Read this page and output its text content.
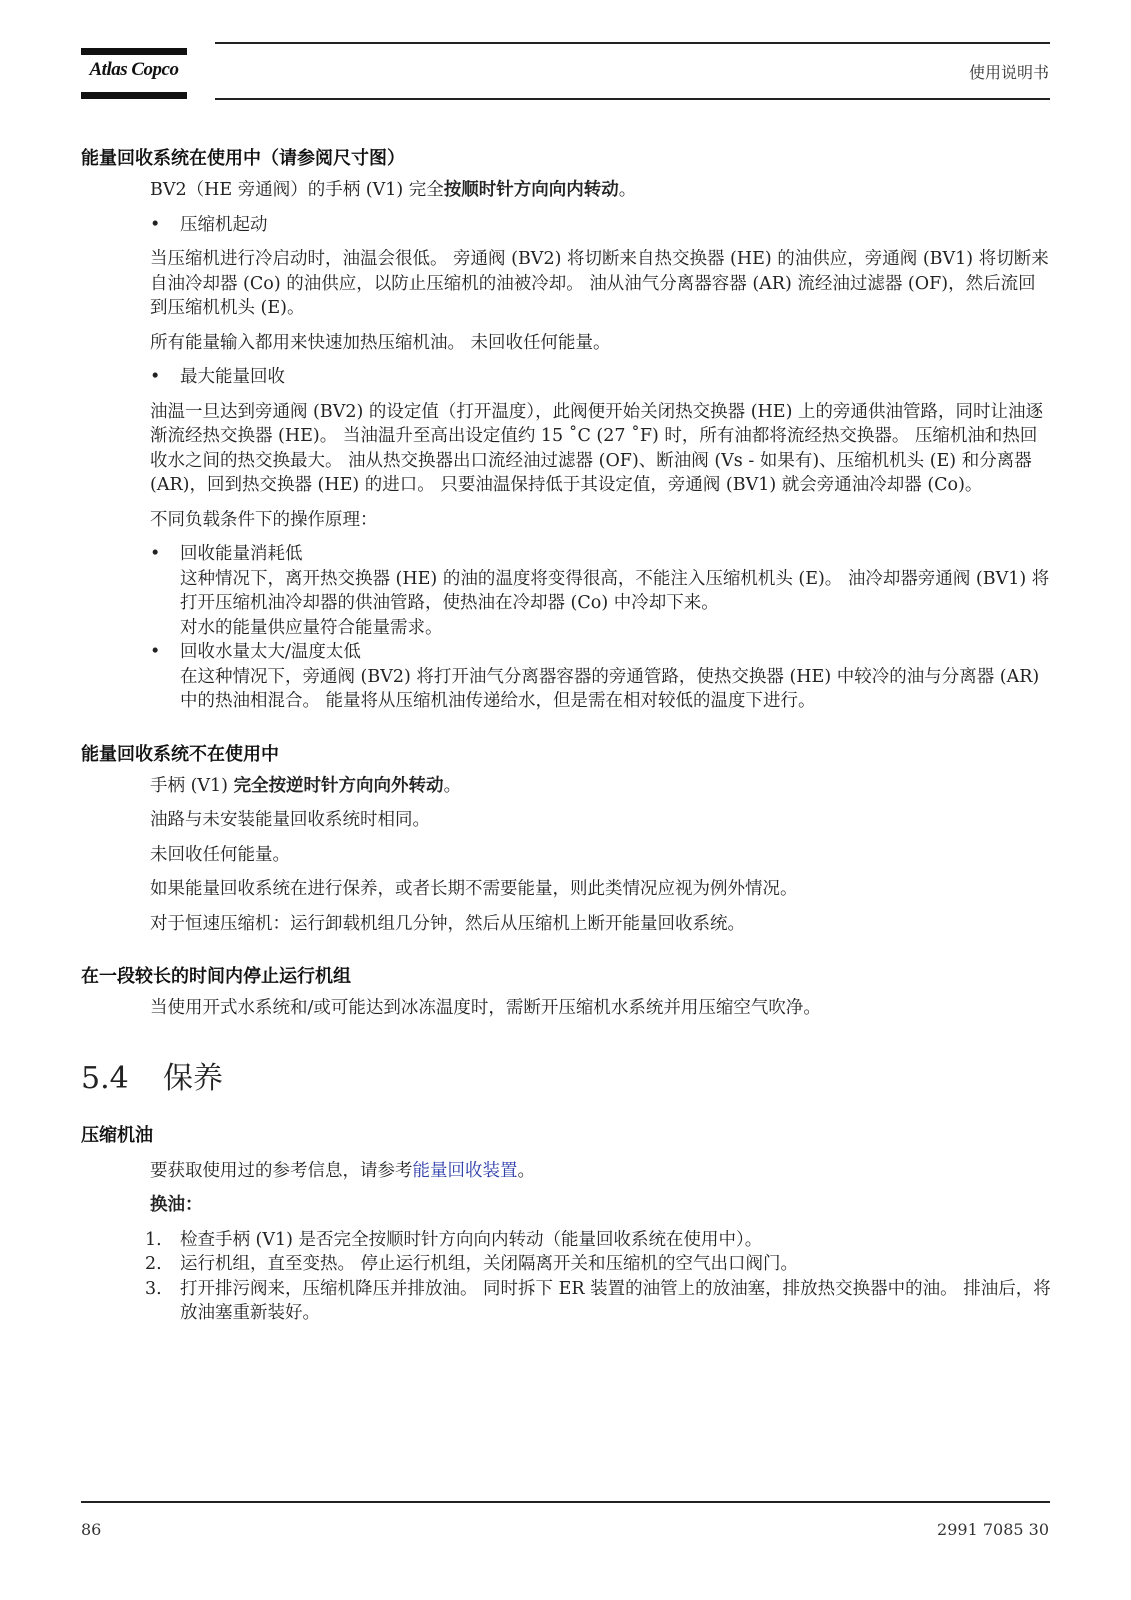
Atlas Copco	使用说明书
能量回收系统在使用中（请参阅尺寸图）

BV2（HE 旁通阀）的手柄 (V1) 完全按顺时针方向向内转动。

• 压缩机起动

当压缩机进行冷启动时，油温会很低。 旁通阀 (BV2) 将切断来自热交换器 (HE) 的油供应，旁通阀 (BV1) 将切断来自油冷却器 (Co) 的油供应，以防止压缩机的油被冷却。 油从油气分离器容器 (AR) 流经油过滤器 (OF)，然后流回到压缩机机头 (E)。

所有能量输入都用来快速加热压缩机油。 未回收任何能量。

• 最大能量回收

油温一旦达到旁通阀 (BV2) 的设定值（打开温度），此阀便开始关闭热交换器 (HE) 上的旁通供油管路，同时让油逐渐流经热交换器 (HE)。 当油温升至高出设定值约 15 ˚C (27 ˚F) 时，所有油都将流经热交换器。 压缩机油和热回收水之间的热交换最大。 油从热交换器出口流经油过滤器 (OF)、断油阀 (Vs - 如果有)、压缩机机头 (E) 和分离器 (AR)，回到热交换器 (HE) 的进口。 只要油温保持低于其设定值，旁通阀 (BV1) 就会旁通油冷却器 (Co)。

不同负载条件下的操作原理：

• 回收能量消耗低
这种情况下，离开热交换器 (HE) 的油的温度将变得很高，不能注入压缩机机头 (E)。 油冷却器旁通阀 (BV1) 将打开压缩机油冷却器的供油管路，使热油在冷却器 (Co) 中冷却下来。
对水的能量供应量符合能量需求。
• 回收水量太大/温度太低
在这种情况下，旁通阀 (BV2) 将打开油气分离器容器的旁通管路，使热交换器 (HE) 中较冷的油与分离器 (AR) 中的热油相混合。 能量将从压缩机油传递给水，但是需在相对较低的温度下进行。
能量回收系统不在使用中

手柄 (V1) 完全按逆时针方向向外转动。

油路与未安装能量回收系统时相同。

未回收任何能量。

如果能量回收系统在进行保养，或者长期不需要能量，则此类情况应视为例外情况。

对于恒速压缩机：运行卸载机组几分钟，然后从压缩机上断开能量回收系统。

在一段较长的时间内停止运行机组

当使用开式水系统和/或可能达到冰冻温度时，需断开压缩机水系统并用压缩空气吹净。

5.4 保养
压缩机油

要获取使用过的参考信息，请参考能量回收装置。

换油：

1. 检查手柄 (V1) 是否完全按顺时针方向向内转动（能量回收系统在使用中）。
2. 运行机组，直至变热。 停止运行机组，关闭隔离开关和压缩机的空气出口阀门。
3. 打开排污阀来，压缩机降压并排放油。 同时拆下 ER 装置的油管上的放油塞，排放热交换器中的油。 排油后，将放油塞重新装好。
86	2991 7085 30
